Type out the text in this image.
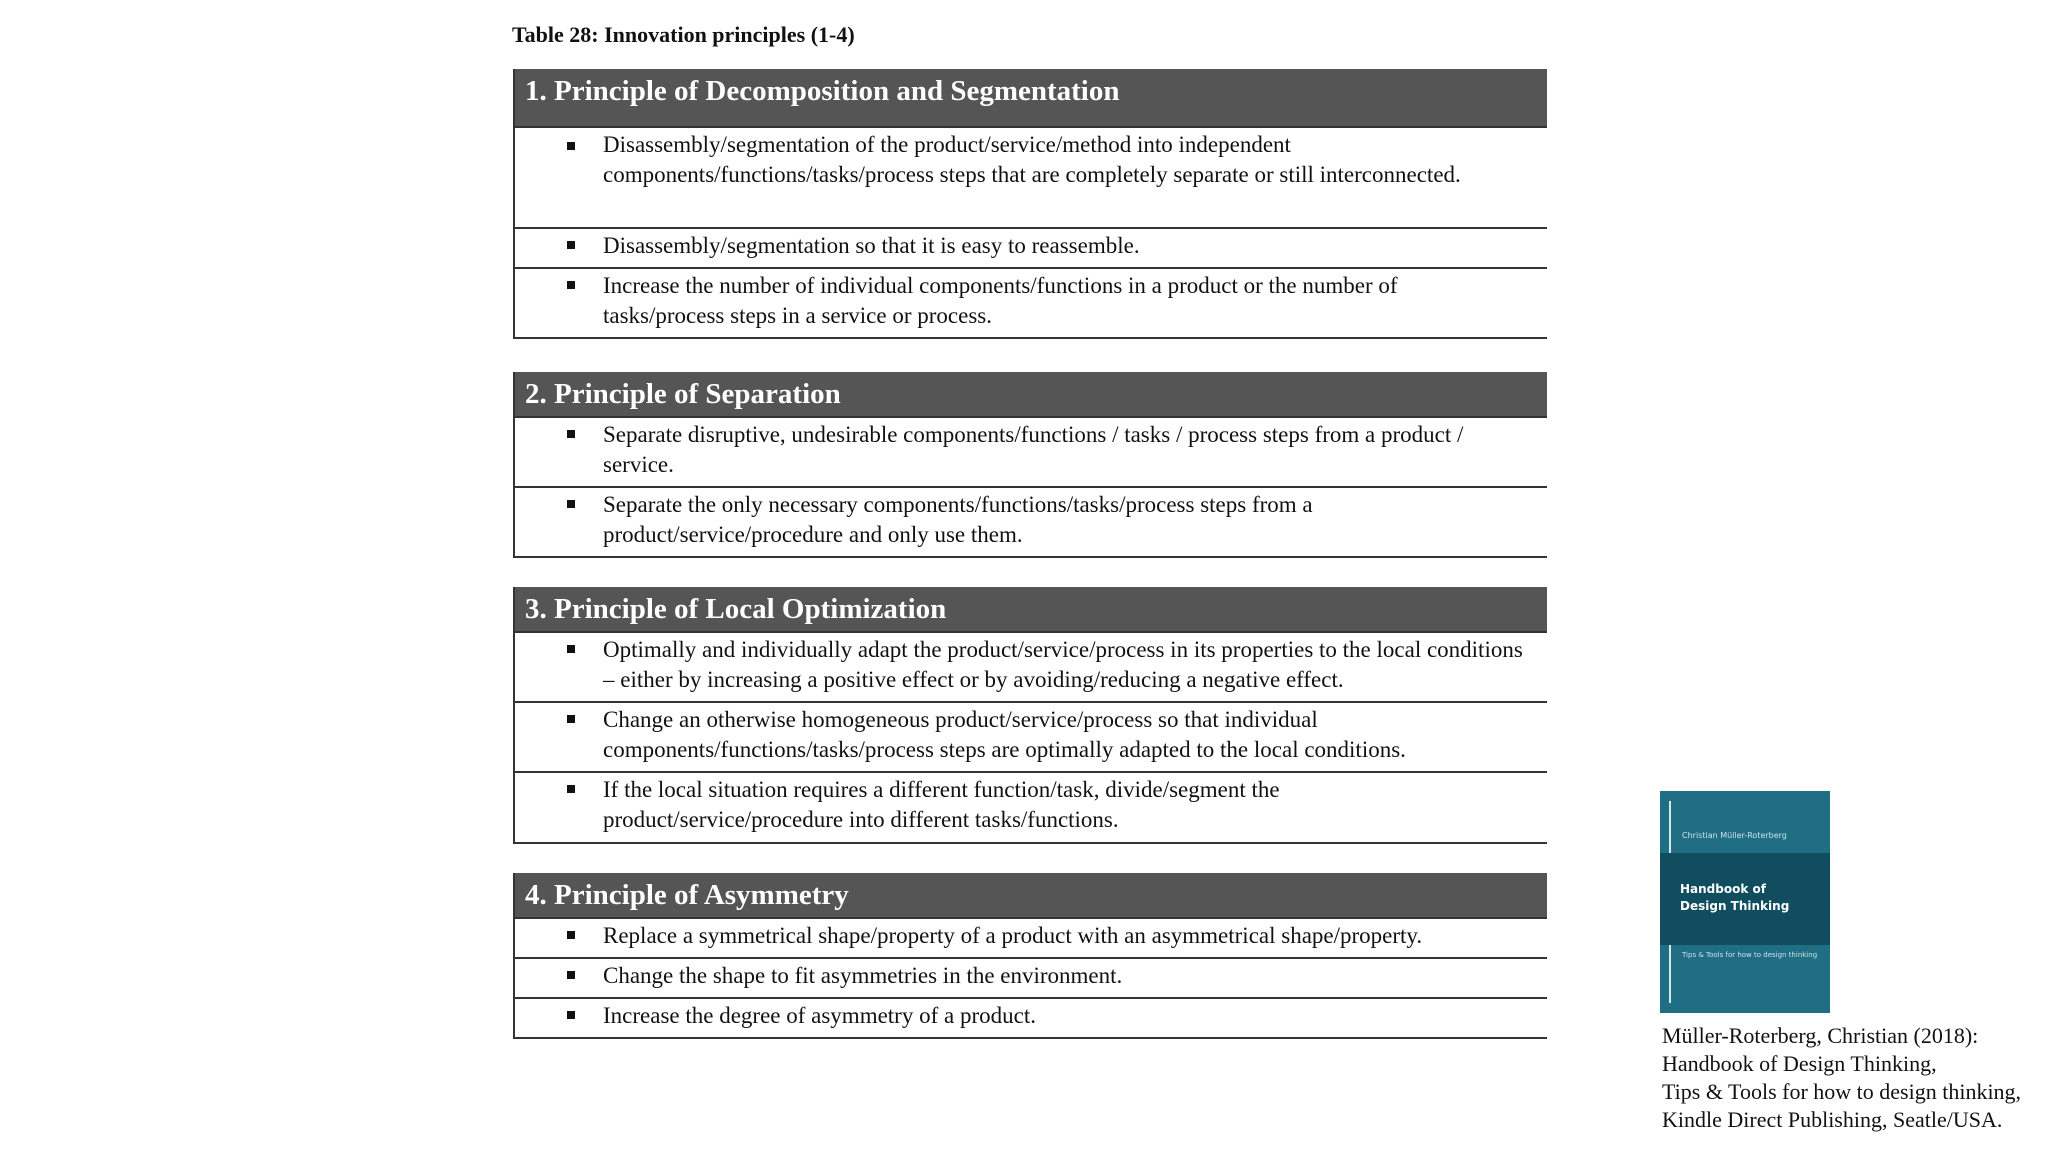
Table 28: Innovation principles (1-4)
1. Principle of Decomposition and Segmentation
Disassembly/segmentation of the product/service/method into independent components/functions/tasks/process steps that are completely separate or still interconnected.
Disassembly/segmentation so that it is easy to reassemble.
Increase the number of individual components/functions in a product or the number of tasks/process steps in a service or process.
2. Principle of Separation
Separate disruptive, undesirable components/functions / tasks / process steps from a product / service.
Separate the only necessary components/functions/tasks/process steps from a product/service/procedure and only use them.
3. Principle of Local Optimization
Optimally and individually adapt the product/service/process in its properties to the local conditions – either by increasing a positive effect or by avoiding/reducing a negative effect.
Change an otherwise homogeneous product/service/process so that individual components/functions/tasks/process steps are optimally adapted to the local conditions.
If the local situation requires a different function/task, divide/segment the product/service/procedure into different tasks/functions.
4. Principle of Asymmetry
Replace a symmetrical shape/property of a product with an asymmetrical shape/property.
Change the shape to fit asymmetries in the environment.
Increase the degree of asymmetry of a product.
Christian Müller-Roterberg
Handbook of
Design Thinking
Tips & Tools for how to design thinking
Müller-Roterberg, Christian (2018):
Handbook of Design Thinking,
Tips & Tools for how to design thinking,
Kindle Direct Publishing, Seatle/USA.
